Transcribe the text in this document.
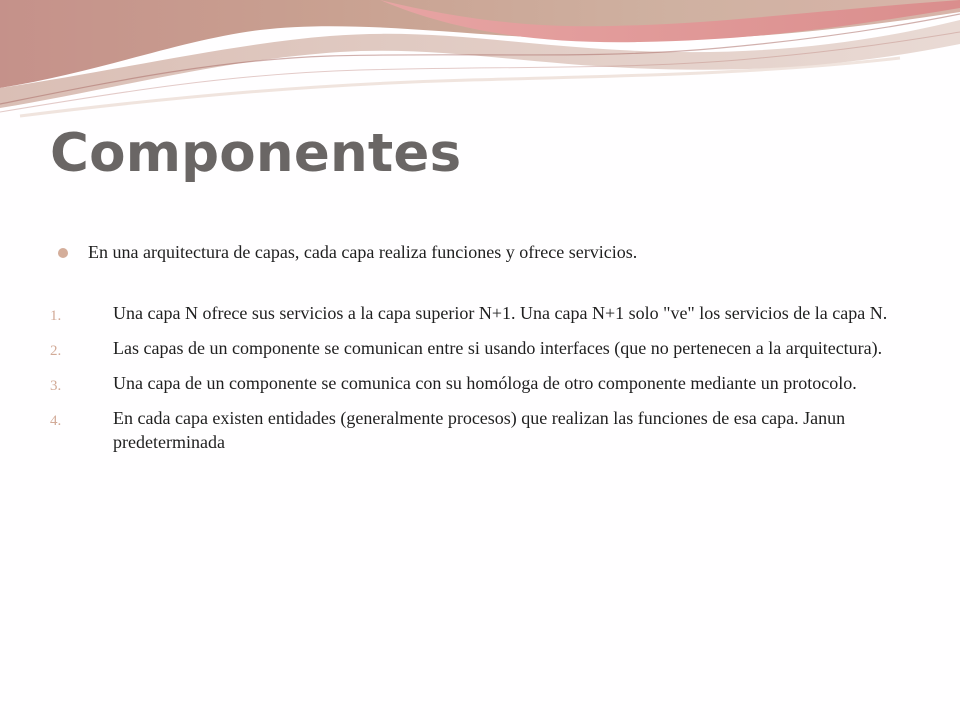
Componentes
En una arquitectura de capas, cada capa realiza funciones y ofrece servicios.
1.	Una capa N ofrece sus servicios a la capa superior N+1. Una capa N+1 solo "ve" los servicios de la capa N.
2.	Las capas de un componente se comunican entre si usando interfaces (que no pertenecen a la arquitectura).
3.	Una capa de un componente se comunica con su homóloga de otro componente mediante un protocolo.
4.	En cada capa existen entidades (generalmente procesos) que realizan las funciones de esa capa. Janun predeterminada
